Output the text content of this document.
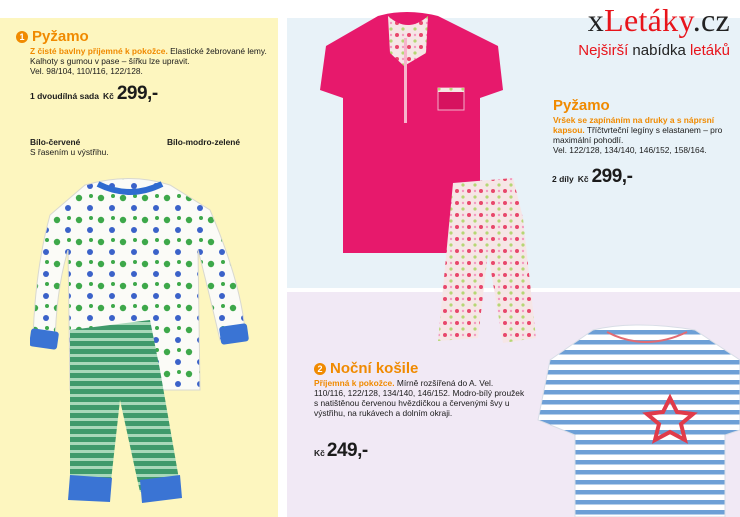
xLetáky.cz
Nejširší nabídka letáků
1 Pyžamo
Z čisté bavlny příjemné k pokožce. Elastické žebrované lemy. Kalhoty s gumou v pase – šířku lze upravit.
Vel. 98/104, 110/116, 122/128.
1 dvoudílná sada Kč 299,-
Bílo-červené
S řasením u výstřihu.
Bílo-modro-zelené
Pyžamo
Vršek se zapínáním na druky a s náprsní kapsou. Tříčtvrteční legíny s elastanem – pro maximální pohodlí.
Vel. 122/128, 134/140, 146/152, 158/164.
2 díly Kč 299,-
2 Noční košile
Příjemná k pokožce. Mírně rozšířená do A. Vel. 110/116, 122/128, 134/140, 146/152. Modro-bílý proužek s natištěnou červenou hvězdičkou a červenými švy u výstřihu, na rukávech a dolním okraji.
Kč 249,-
